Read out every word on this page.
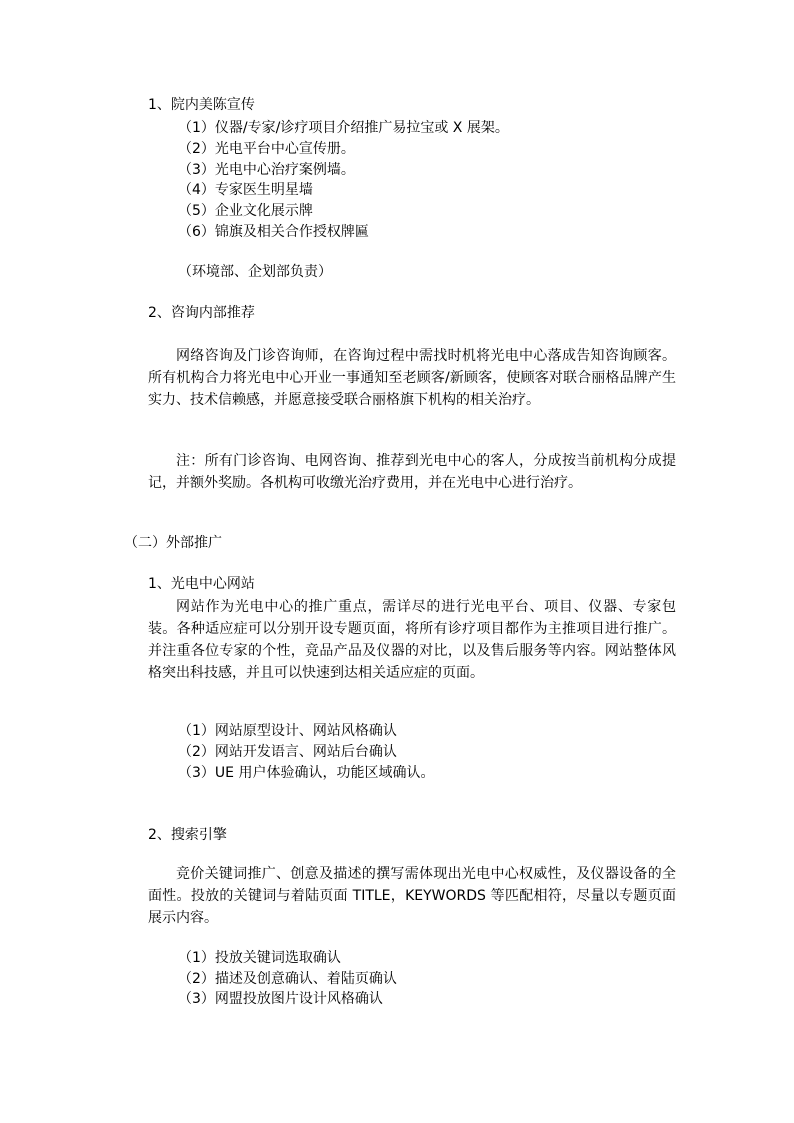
1、院内美陈宣传
（1）仪器/专家/诊疗项目介绍推广易拉宝或 X 展架。
（2）光电平台中心宣传册。
（3）光电中心治疗案例墙。
（4）专家医生明星墙
（5）企业文化展示牌
（6）锦旗及相关合作授权牌匾
（环境部、企划部负责）
2、咨询内部推荐
网络咨询及门诊咨询师，在咨询过程中需找时机将光电中心落成告知咨询顾客。所有机构合力将光电中心开业一事通知至老顾客/新顾客，使顾客对联合丽格品牌产生实力、技术信赖感，并愿意接受联合丽格旗下机构的相关治疗。
注：所有门诊咨询、电网咨询、推荐到光电中心的客人，分成按当前机构分成提记，并额外奖励。各机构可收缴光治疗费用，并在光电中心进行治疗。
（二）外部推广
1、光电中心网站
网站作为光电中心的推广重点，需详尽的进行光电平台、项目、仪器、专家包装。各种适应症可以分别开设专题页面，将所有诊疗项目都作为主推项目进行推广。并注重各位专家的个性，竞品产品及仪器的对比，以及售后服务等内容。网站整体风格突出科技感，并且可以快速到达相关适应症的页面。
（1）网站原型设计、网站风格确认
（2）网站开发语言、网站后台确认
（3）UE 用户体验确认，功能区域确认。
2、搜索引擎
竞价关键词推广、创意及描述的撰写需体现出光电中心权威性，及仪器设备的全面性。投放的关键词与着陆页面 TITLE，KEYWORDS 等匹配相符，尽量以专题页面展示内容。
（1）投放关键词选取确认
（2）描述及创意确认、着陆页确认
（3）网盟投放图片设计风格确认
